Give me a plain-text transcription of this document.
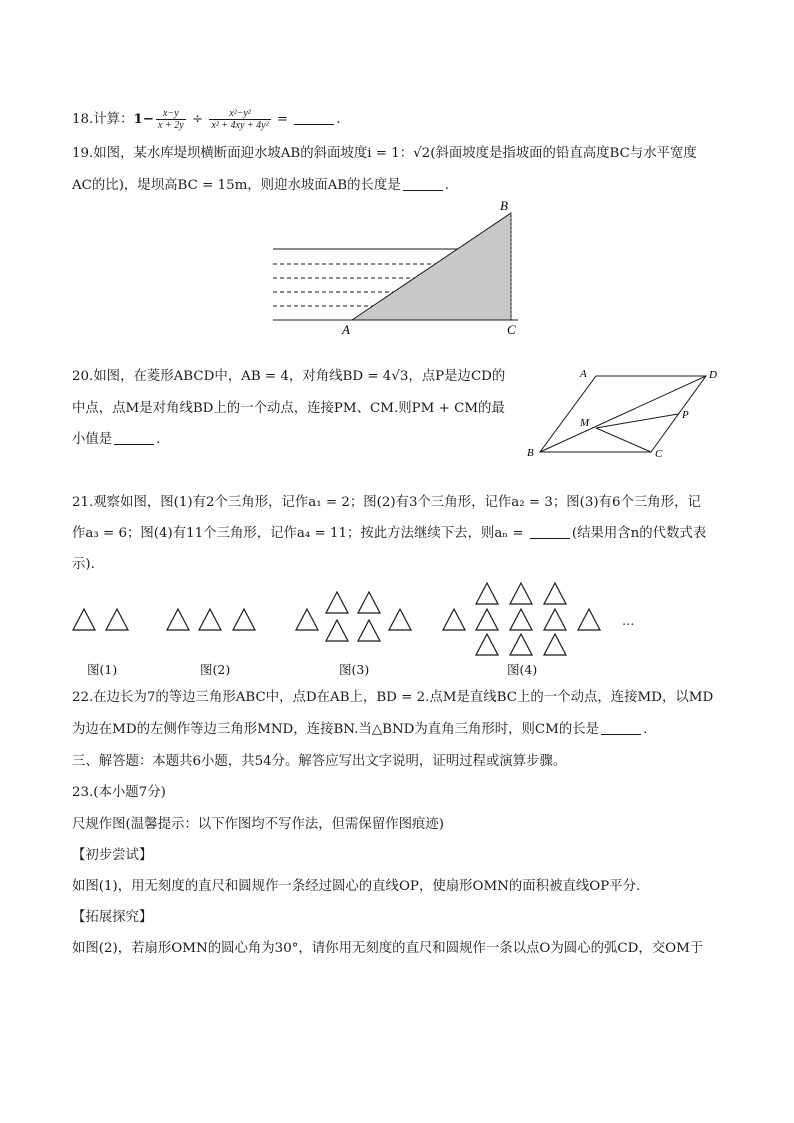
18.计算：$1- \frac{x-y}{x + 2y} \div \frac{\text{x²−y²}}{\text{x² + 4xy + 4y²}}$ =	.
19.如图，某水库堤坝横断面迎水坡AB的斜面坡度i = 1：√2(斜面坡度是指坡面的铅直高度BC与水平宽度
AC的比)，堤坝高BC = 15m，则迎水坡面AB的长度是	.
A
B
C
A	D
B	C
M
P
20.如图，在菱形ABCD中，AB = 4，对角线BD = 4√3，点P是边CD的
中点，点M是对角线BD上的一个动点，连接PM、CM.则PM + CM的最
小值是	.
21.观察如图，图(1)有2个三角形，记作a₁ = 2；图(2)有3个三角形，记作a₂ = 3；图(3)有6个三角形，记
作a₃ = 6；图(4)有11个三角形，记作a₄ = 11；按此方法继续下去，则aₙ =	(结果用含n的代数式表
示).
…
图(1)	图(2)	图(3)	图(4)
22.在边长为7的等边三角形ABC中，点D在AB上，BD = 2.点M是直线BC上的一个动点，连接MD，以MD
为边在MD的左侧作等边三角形MND，连接BN.当△BND为直角三角形时，则CM的长是	.
三、解答题：本题共6小题，共54分。解答应写出文字说明，证明过程或演算步骤。
23.(本小题7分)
尺规作图(温馨提示：以下作图均不写作法，但需保留作图痕迹)
【初步尝试】
如图(1)，用无刻度的直尺和圆规作一条经过圆心的直线OP，使扇形OMN的面积被直线OP平分.
【拓展探究】
如图(2)，若扇形OMN的圆心角为30°，请你用无刻度的直尺和圆规作一条以点O为圆心的弧CD，交OM于
